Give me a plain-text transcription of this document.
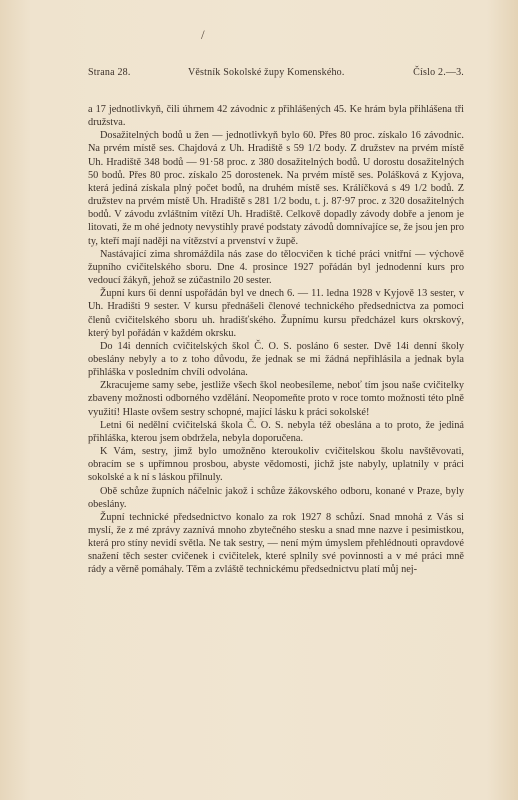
/
Strana 28.	Věstník Sokolské župy Komenského.	Číslo 2.—3.

a 17 jednotlivkyň, čili úhrnem 42 závodnic z přihlášených 45. Ke hrám byla přihlášena tři družstva.

Dosažitelných bodů u žen — jednotlivkyň bylo 60. Přes 80 proc. získalo 16 závodnic. Na prvém místě ses. Chajdová z Uh. Hradiště s 59 1/2 body. Z družstev na prvém místě Uh. Hradiště 348 bodů — 91·58 proc. z 380 dosažitelných bodů. U dorostu dosažitelných 50 bodů. Přes 80 proc. získalo 25 dorostenek. Na prvém místě ses. Polášková z Kyjova, která jediná získala plný počet bodů, na druhém místě ses. Králíčková s 49 1/2 bodů. Z družstev na prvém místě Uh. Hradiště s 281 1/2 bodu, t. j. 87·97 proc. z 320 dosažitelných bodů. V závodu zvláštním vítězí Uh. Hradiště. Celkově dopadly závody dobře a jenom je litovati, že m ohé jednoty nevystihly pravé podstaty závodů domnívajíce se, že jsou jen pro ty, kteří mají naději na vítězství a prvenství v župě.

Nastávající zima shromáždila nás zase do tělocvičen k tiché práci vnitřní — výchově župního cvičitelského sboru. Dne 4. prosince 1927 pořádán byl jednodenní kurs pro vedoucí žákyň, jehož se zúčastnilo 20 sester.

Župní kurs 6i denní uspořádán byl ve dnech 6. — 11. ledna 1928 v Kyjově 13 sester, v Uh. Hradišti 9 sester. V kursu přednášeli členové technického předsednictva za pomoci členů cvičitelského sboru uh. hradišťského. Župnímu kursu předcházel kurs okrskový, který byl pořádán v každém okrsku.

Do 14i denních cvičitelských škol Č. O. S. posláno 6 sester. Dvě 14i denní školy obeslány nebyly a to z toho důvodu, že jednak se mi žádná nepřihlásila a jednak byla přihláška v posledním chvíli odvolána.

Zkracujeme samy sebe, jestliže všech škol neobesíleme, neboť tím jsou naše cvičitelky zbaveny možnosti odborného vzdělání. Neopomeňte proto v roce tomto možnosti této plně využití! Hlaste ovšem sestry schopné, mající lásku k práci sokolské!

Letni 6i nedělní cvičitelská škola Č. O. S. nebyla též obeslána a to proto, že jediná přihláška, kterou jsem obdržela, nebyla doporučena.

K Vám, sestry, jimž bylo umožněno kteroukoliv cvičitelskou školu navštěvovati, obracím se s upřímnou prosbou, abyste vědomosti, jichž jste nabyly, uplatnily v práci sokolské a k ní s láskou přilnuly.

Obě schůze župních náčelnic jakož i schůze žákovského odboru, konané v Praze, byly obeslány.

Župní technické předsednictvo konalo za rok 1927 8 schůzí. Snad mnohá z Vás si myslí, že z mé zprávy zaznívá mnoho zbytečného stesku a snad mne nazve i pesimistkou, která pro stíny nevidí světla. Ne tak sestry, — není mým úmyslem přehlédnouti opravdové snažení těch sester cvičenek i cvičitelek, které splnily své povinnosti a v mé práci mně rády a věrně pomáhaly. Těm a zvláště technickému předsednictvu platí můj nej-
